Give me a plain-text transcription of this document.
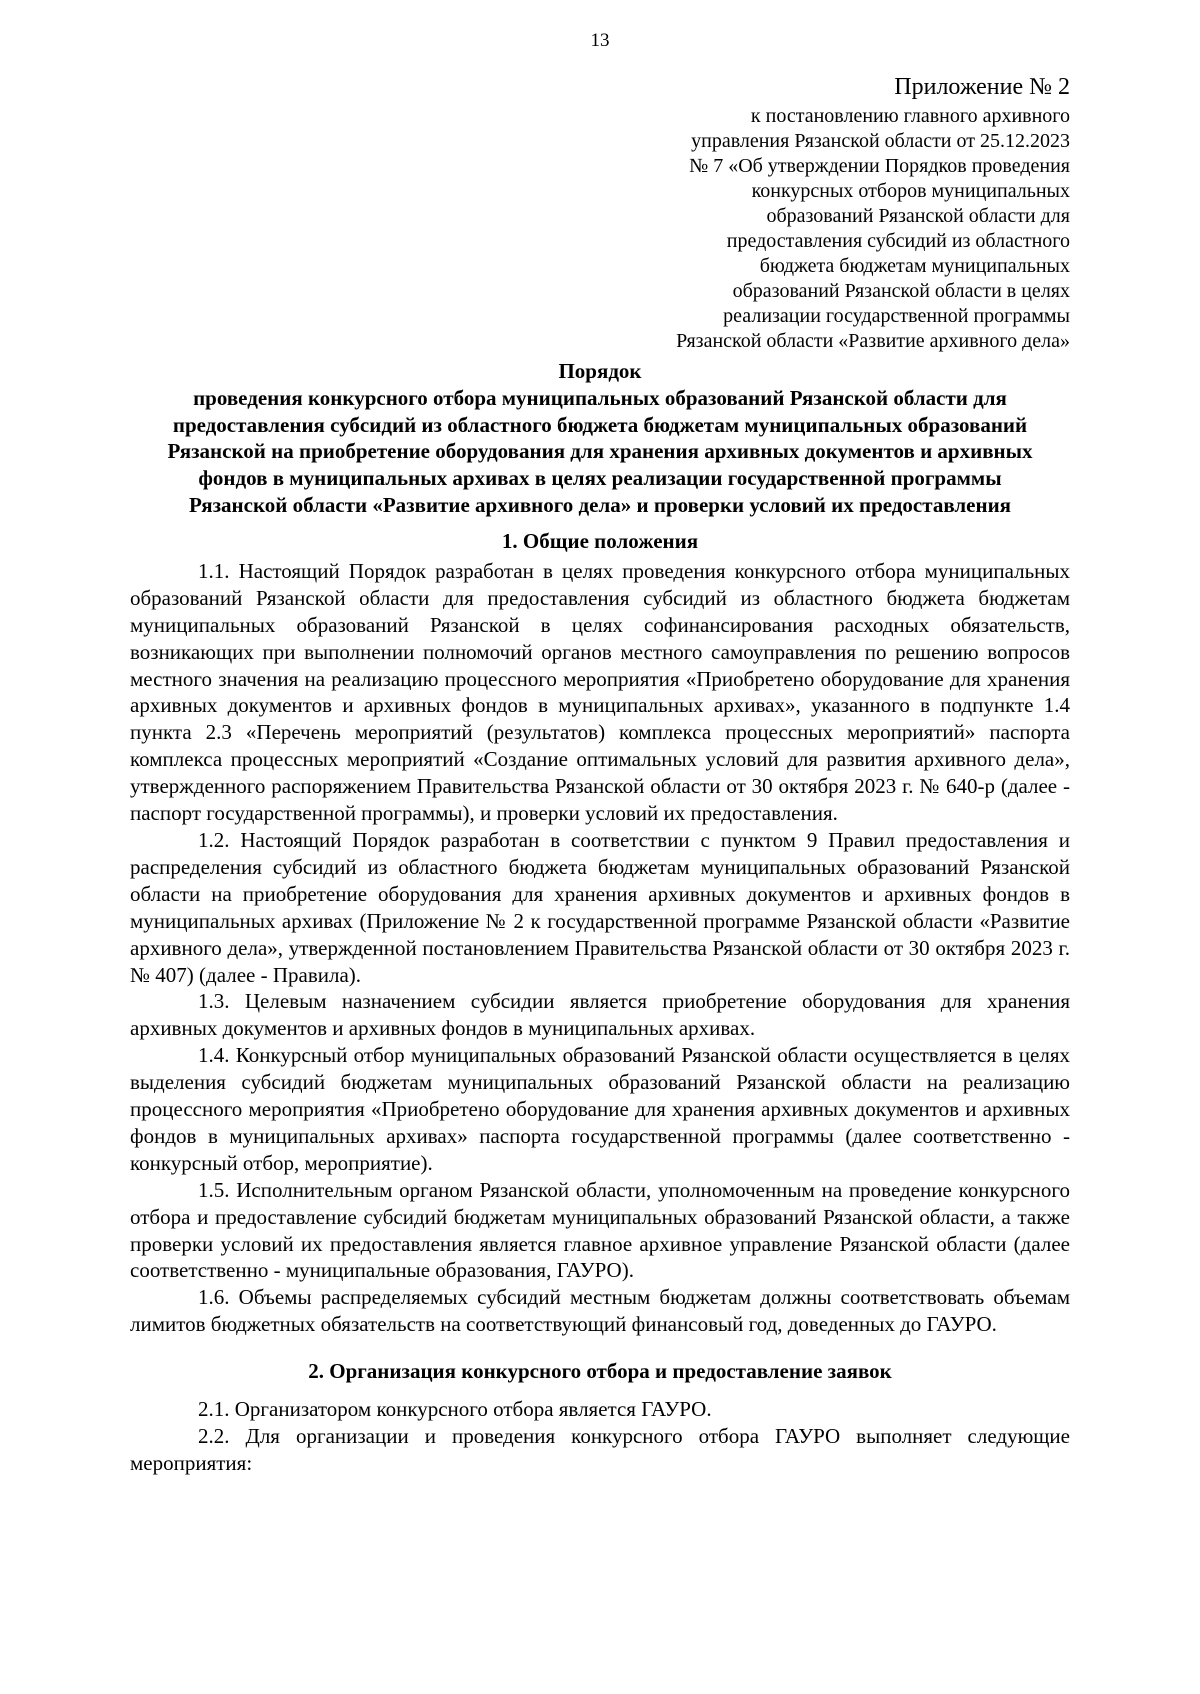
13
Приложение № 2
к постановлению главного архивного
управления Рязанской области от 25.12.2023
№ 7 «Об утверждении Порядков проведения
конкурсных отборов муниципальных
образований Рязанской области для
предоставления субсидий из областного
бюджета бюджетам муниципальных
образований Рязанской области в целях
реализации государственной программы
Рязанской области «Развитие архивного дела»
Порядок
проведения конкурсного отбора муниципальных образований Рязанской области для
предоставления субсидий из областного бюджета бюджетам муниципальных образований
Рязанской на приобретение оборудования для хранения архивных документов и архивных
фондов в муниципальных архивах в целях реализации государственной программы
Рязанской области «Развитие архивного дела» и проверки условий их предоставления
1. Общие положения

1.1. Настоящий Порядок разработан в целях проведения конкурсного отбора муниципальных образований Рязанской области для предоставления субсидий из областного бюджета бюджетам муниципальных образований Рязанской в целях софинансирования расходных обязательств, возникающих при выполнении полномочий органов местного самоуправления по решению вопросов местного значения на реализацию процессного мероприятия «Приобретено оборудование для хранения архивных документов и архивных фондов в муниципальных архивах», указанного в подпункте 1.4 пункта 2.3 «Перечень мероприятий (результатов) комплекса процессных мероприятий» паспорта комплекса процессных мероприятий «Создание оптимальных условий для развития архивного дела», утвержденного распоряжением Правительства Рязанской области от 30 октября 2023 г. № 640-р (далее - паспорт государственной программы), и проверки условий их предоставления.

1.2. Настоящий Порядок разработан в соответствии с пунктом 9 Правил предоставления и распределения субсидий из областного бюджета бюджетам муниципальных образований Рязанской области на приобретение оборудования для хранения архивных документов и архивных фондов в муниципальных архивах (Приложение № 2 к государственной программе Рязанской области «Развитие архивного дела», утвержденной постановлением Правительства Рязанской области от 30 октября 2023 г. № 407) (далее - Правила).

1.3. Целевым назначением субсидии является приобретение оборудования для хранения архивных документов и архивных фондов в муниципальных архивах.

1.4. Конкурсный отбор муниципальных образований Рязанской области осуществляется в целях выделения субсидий бюджетам муниципальных образований Рязанской области на реализацию процессного мероприятия «Приобретено оборудование для хранения архивных документов и архивных фондов в муниципальных архивах» паспорта государственной программы (далее соответственно - конкурсный отбор, мероприятие).

1.5. Исполнительным органом Рязанской области, уполномоченным на проведение конкурсного отбора и предоставление субсидий бюджетам муниципальных образований Рязанской области, а также проверки условий их предоставления является главное архивное управление Рязанской области (далее соответственно - муниципальные образования, ГАУРО).

1.6. Объемы распределяемых субсидий местным бюджетам должны соответствовать объемам лимитов бюджетных обязательств на соответствующий финансовый год, доведенных до ГАУРО.

2. Организация конкурсного отбора и предоставление заявок

2.1. Организатором конкурсного отбора является ГАУРО.

2.2. Для организации и проведения конкурсного отбора ГАУРО выполняет следующие мероприятия:
